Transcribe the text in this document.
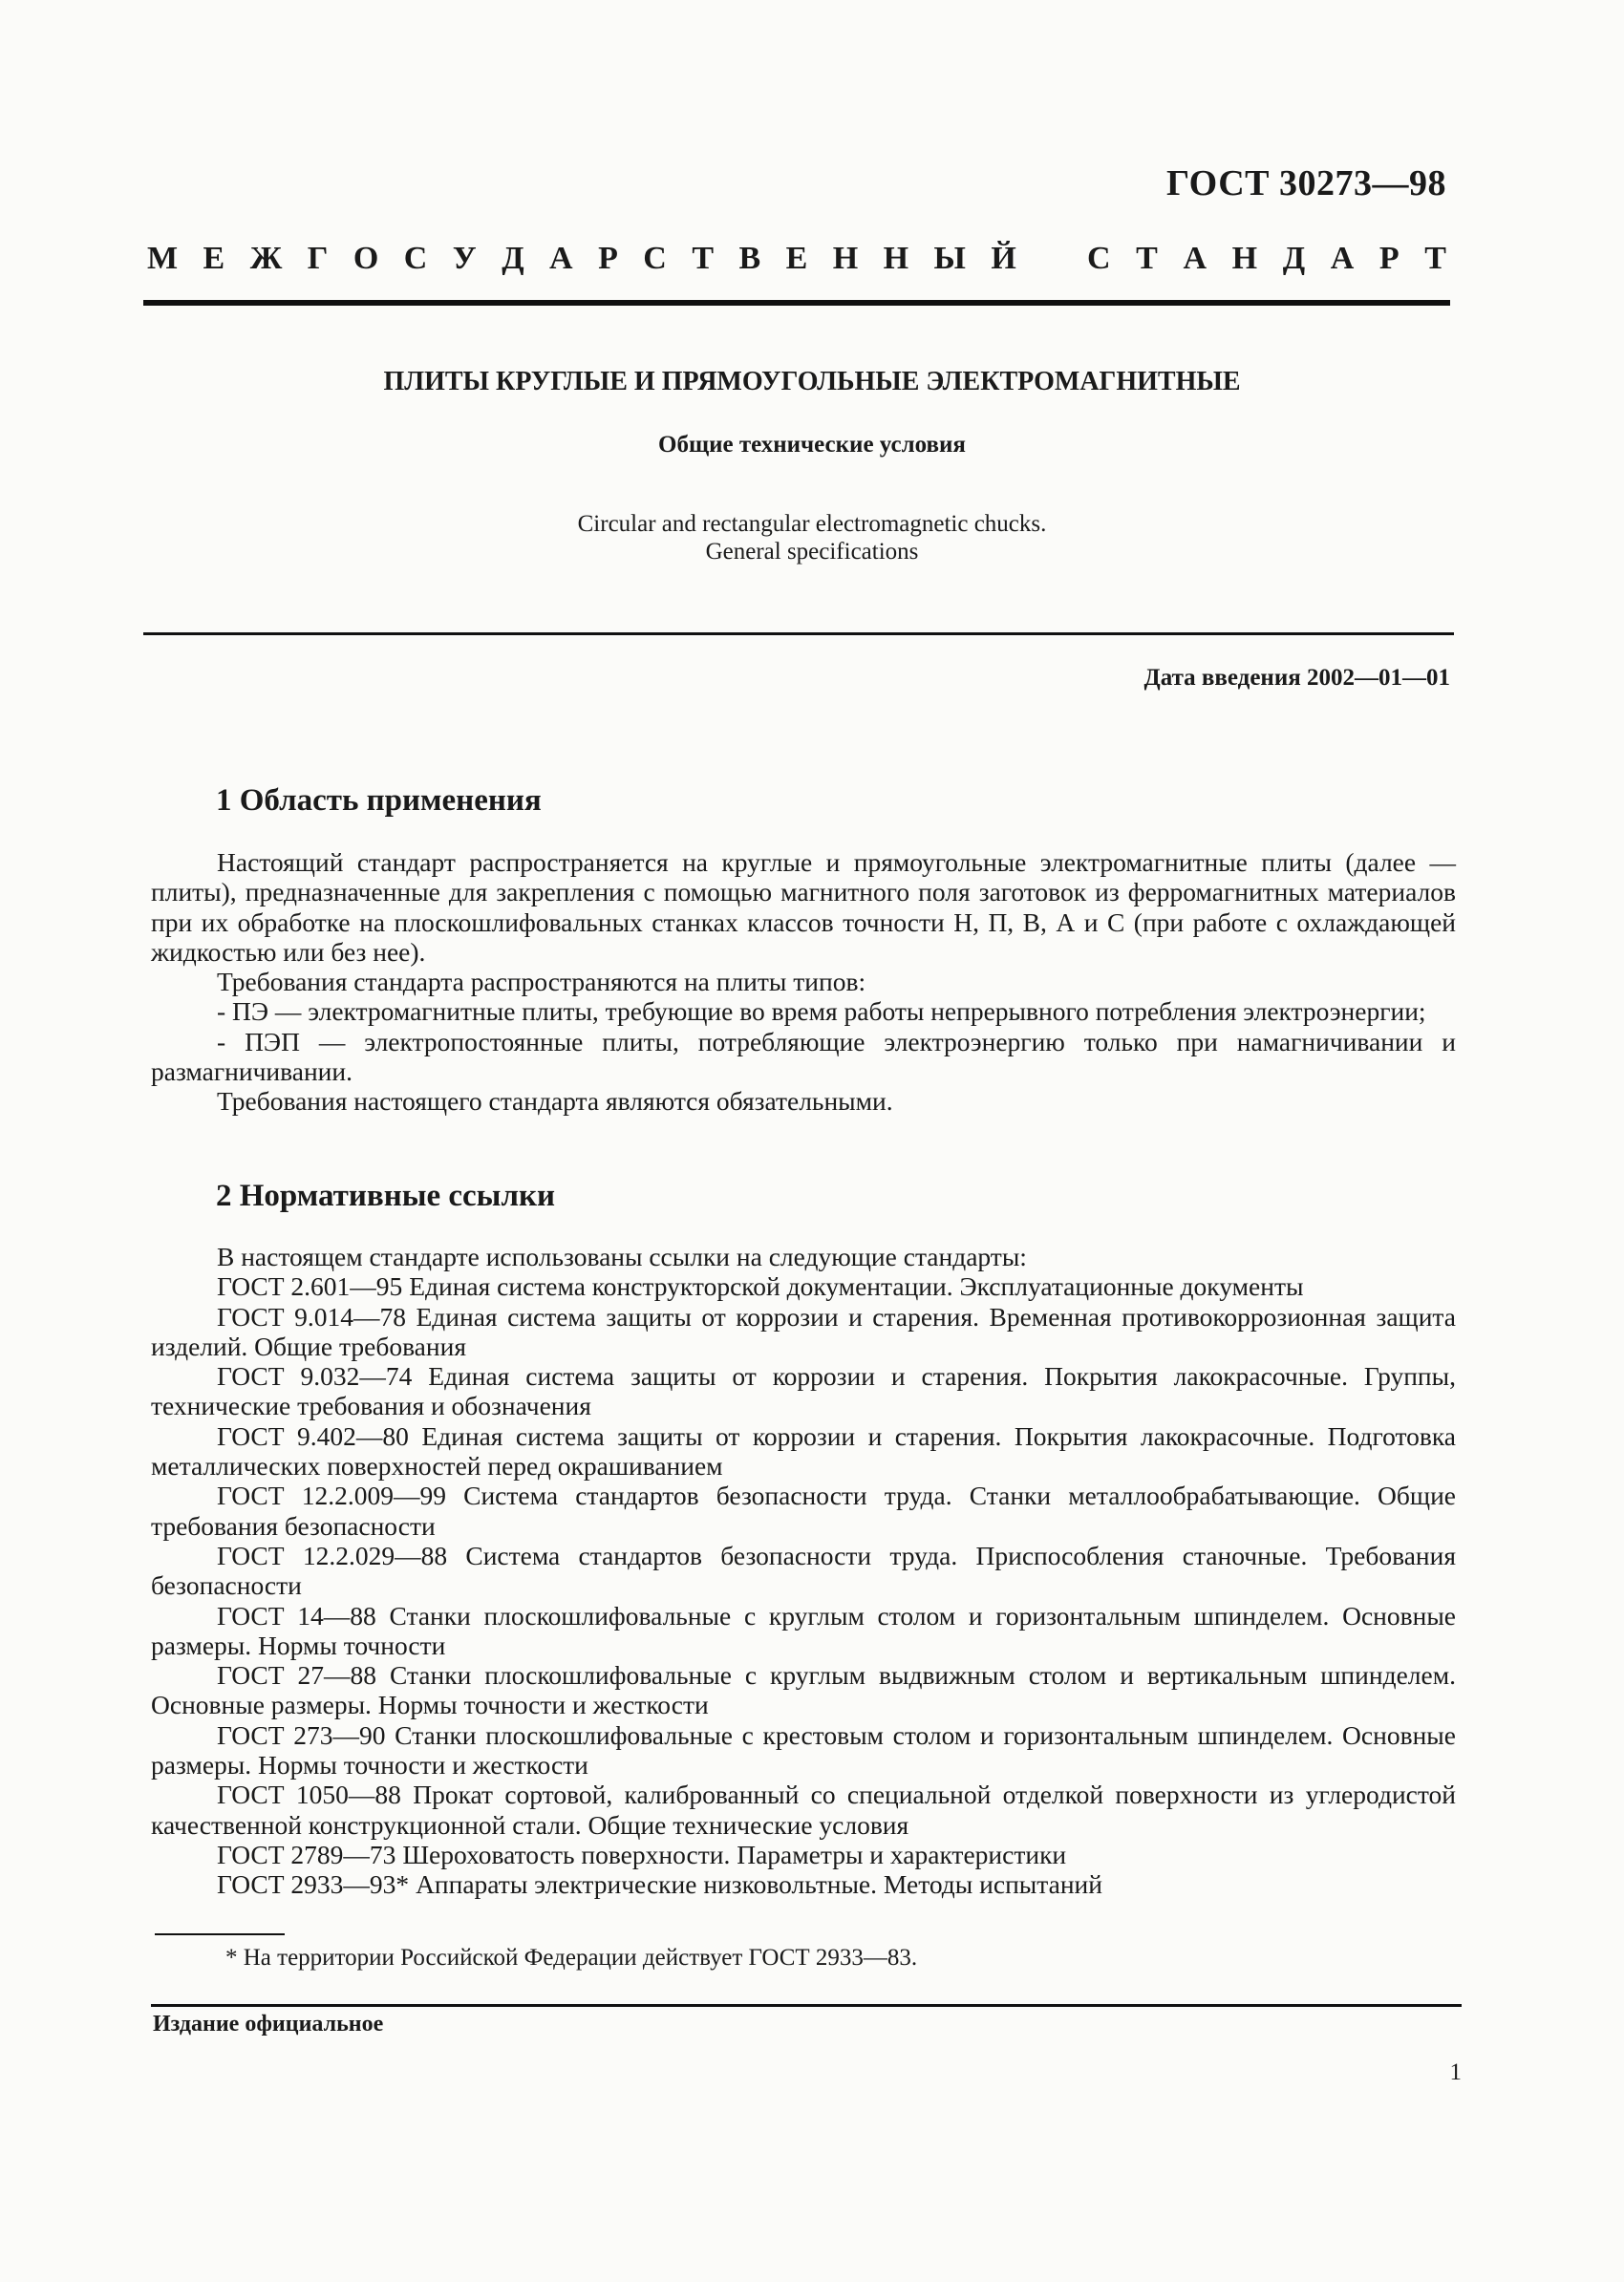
ГОСТ 30273—98
М Е Ж Г О С У Д А Р С Т В Е Н Н Ы Й С Т А Н Д А Р Т
ПЛИТЫ КРУГЛЫЕ И ПРЯМОУГОЛЬНЫЕ ЭЛЕКТРОМАГНИТНЫЕ
Общие технические условия
Circular and rectangular electromagnetic chucks.
General specifications
Дата введения 2002—01—01
1 Область применения
Настоящий стандарт распространяется на круглые и прямоугольные электромагнитные плиты (далее — плиты), предназначенные для закрепления с помощью магнитного поля заготовок из ферромагнитных материалов при их обработке на плоскошлифовальных станках классов точности Н, П, В, А и С (при работе с охлаждающей жидкостью или без нее).
Требования стандарта распространяются на плиты типов:
- ПЭ — электромагнитные плиты, требующие во время работы непрерывного потребления электроэнергии;
- ПЭП — электропостоянные плиты, потребляющие электроэнергию только при намагничивании и размагничивании.
Требования настоящего стандарта являются обязательными.
2 Нормативные ссылки
В настоящем стандарте использованы ссылки на следующие стандарты:
ГОСТ 2.601—95 Единая система конструкторской документации. Эксплуатационные документы
ГОСТ 9.014—78 Единая система защиты от коррозии и старения. Временная противокоррозионная защита изделий. Общие требования
ГОСТ 9.032—74 Единая система защиты от коррозии и старения. Покрытия лакокрасочные. Группы, технические требования и обозначения
ГОСТ 9.402—80 Единая система защиты от коррозии и старения. Покрытия лакокрасочные. Подготовка металлических поверхностей перед окрашиванием
ГОСТ 12.2.009—99 Система стандартов безопасности труда. Станки металлообрабатывающие. Общие требования безопасности
ГОСТ 12.2.029—88 Система стандартов безопасности труда. Приспособления станочные. Требования безопасности
ГОСТ 14—88 Станки плоскошлифовальные с круглым столом и горизонтальным шпинделем. Основные размеры. Нормы точности
ГОСТ 27—88 Станки плоскошлифовальные с круглым выдвижным столом и вертикальным шпинделем. Основные размеры. Нормы точности и жесткости
ГОСТ 273—90 Станки плоскошлифовальные с крестовым столом и горизонтальным шпинделем. Основные размеры. Нормы точности и жесткости
ГОСТ 1050—88 Прокат сортовой, калиброванный со специальной отделкой поверхности из углеродистой качественной конструкционной стали. Общие технические условия
ГОСТ 2789—73 Шероховатость поверхности. Параметры и характеристики
ГОСТ 2933—93* Аппараты электрические низковольтные. Методы испытаний
* На территории Российской Федерации действует ГОСТ 2933—83.
Издание официальное
1
